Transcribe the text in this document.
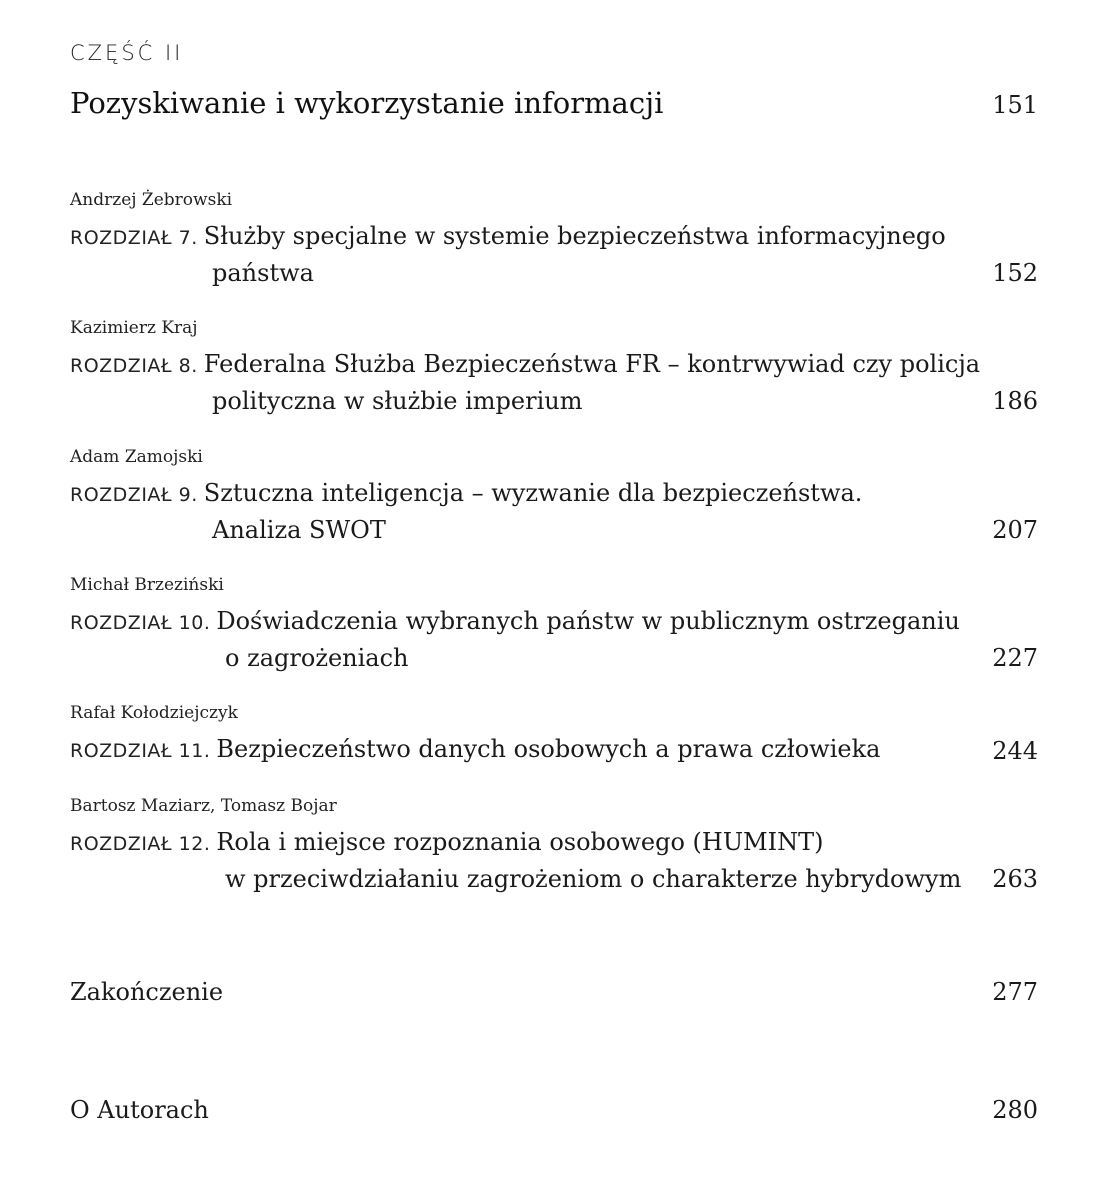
CZĘŚĆ II
Pozyskiwanie i wykorzystanie informacji	151
Andrzej Żebrowski
ROZDZIAŁ 7. Służby specjalne w systemie bezpieczeństwa informacyjnego
państwa	152
Kazimierz Kraj
ROZDZIAŁ 8. Federalna Służba Bezpieczeństwa FR – kontrwywiad czy policja
polityczna w służbie imperium	186
Adam Zamojski
ROZDZIAŁ 9. Sztuczna inteligencja – wyzwanie dla bezpieczeństwa.
Analiza SWOT	207
Michał Brzeziński
ROZDZIAŁ 10. Doświadczenia wybranych państw w publicznym ostrzeganiu
o zagrożeniach	227
Rafał Kołodziejczyk
ROZDZIAŁ 11. Bezpieczeństwo danych osobowych a prawa człowieka	244
Bartosz Maziarz, Tomasz Bojar
ROZDZIAŁ 12. Rola i miejsce rozpoznania osobowego (HUMINT)
w przeciwdziałaniu zagrożeniom o charakterze hybrydowym 263
Zakończenie	277
O Autorach	280
